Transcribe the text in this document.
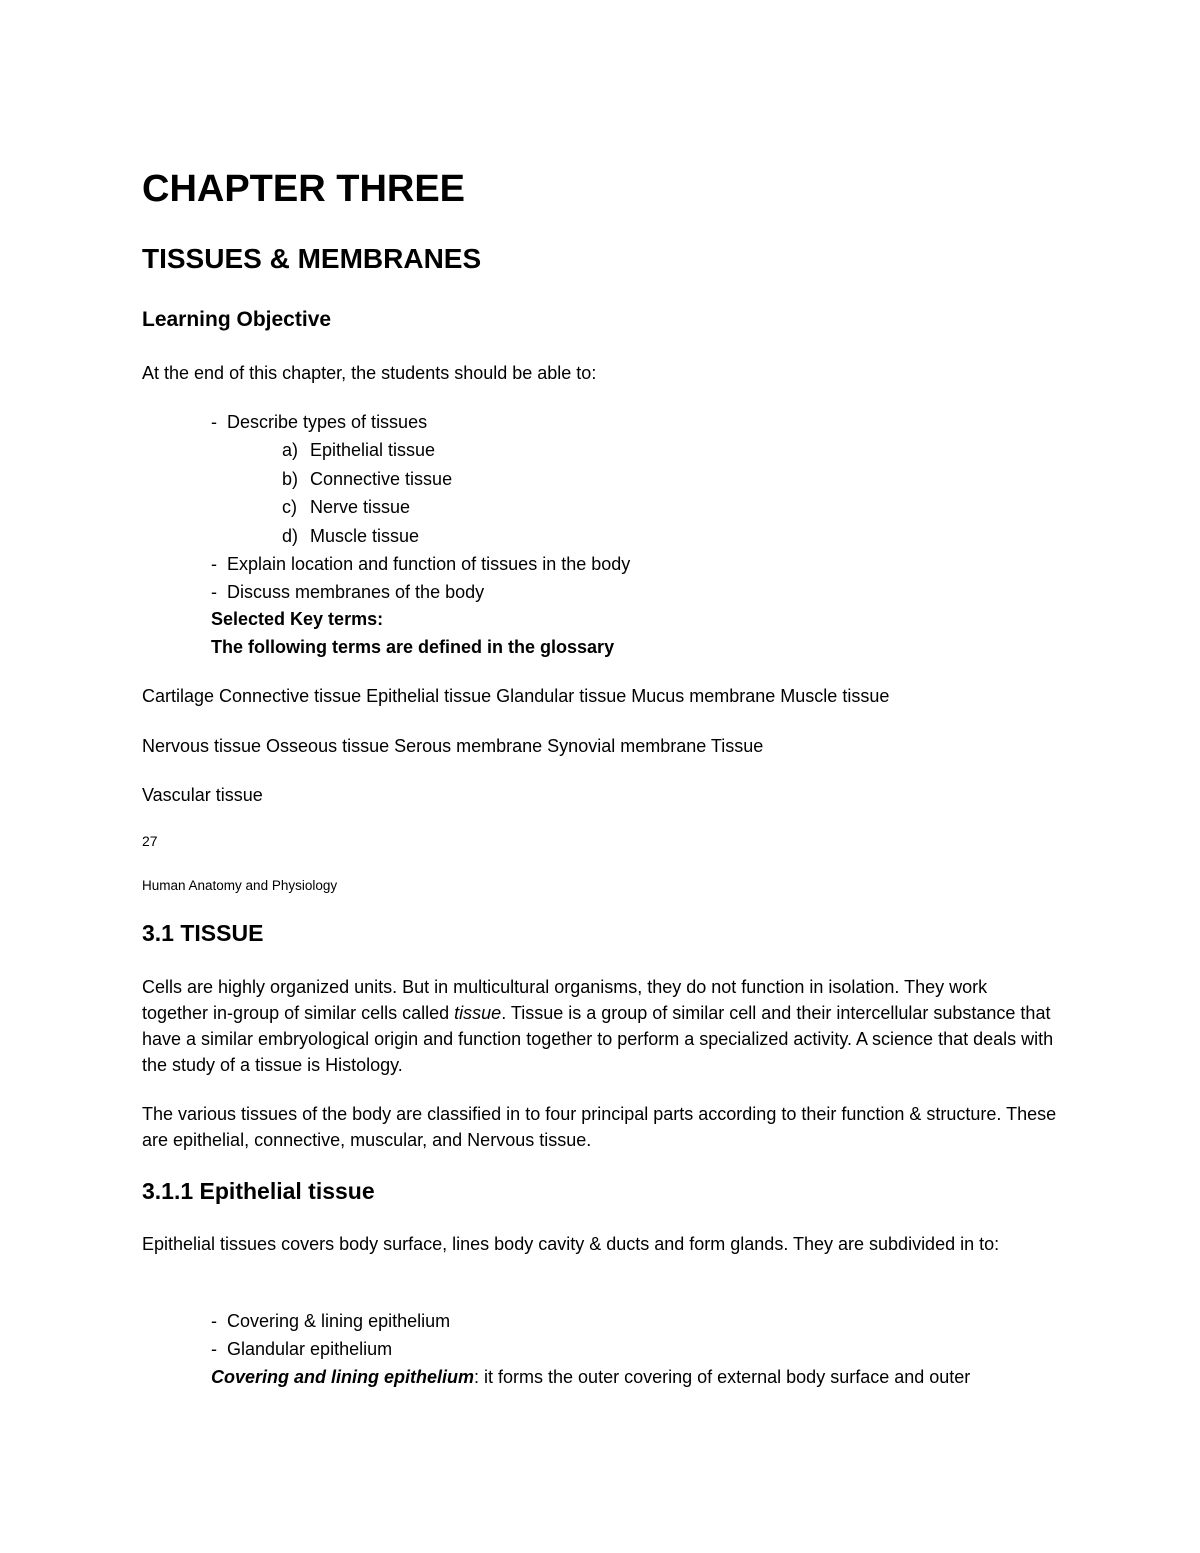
CHAPTER THREE
TISSUES & MEMBRANES
Learning Objective
At the end of this chapter, the students should be able to:
- Describe types of tissues
a) Epithelial tissue
b) Connective tissue
c) Nerve tissue
d) Muscle tissue
- Explain location and function of tissues in the body
- Discuss membranes of the body
Selected Key terms:
The following terms are defined in the glossary
Cartilage Connective tissue Epithelial tissue Glandular tissue Mucus membrane Muscle tissue
Nervous tissue Osseous tissue Serous membrane Synovial membrane Tissue
Vascular tissue
27
Human Anatomy and Physiology
3.1 TISSUE
Cells are highly organized units. But in multicultural organisms, they do not function in isolation. They work together in-group of similar cells called tissue. Tissue is a group of similar cell and their intercellular substance that have a similar embryological origin and function together to perform a specialized activity. A science that deals with the study of a tissue is Histology.
The various tissues of the body are classified in to four principal parts according to their function & structure. These are epithelial, connective, muscular, and Nervous tissue.
3.1.1 Epithelial tissue
Epithelial tissues covers body surface, lines body cavity & ducts and form glands. They are subdivided in to:
- Covering & lining epithelium
- Glandular epithelium
Covering and lining epithelium: it forms the outer covering of external body surface and outer
